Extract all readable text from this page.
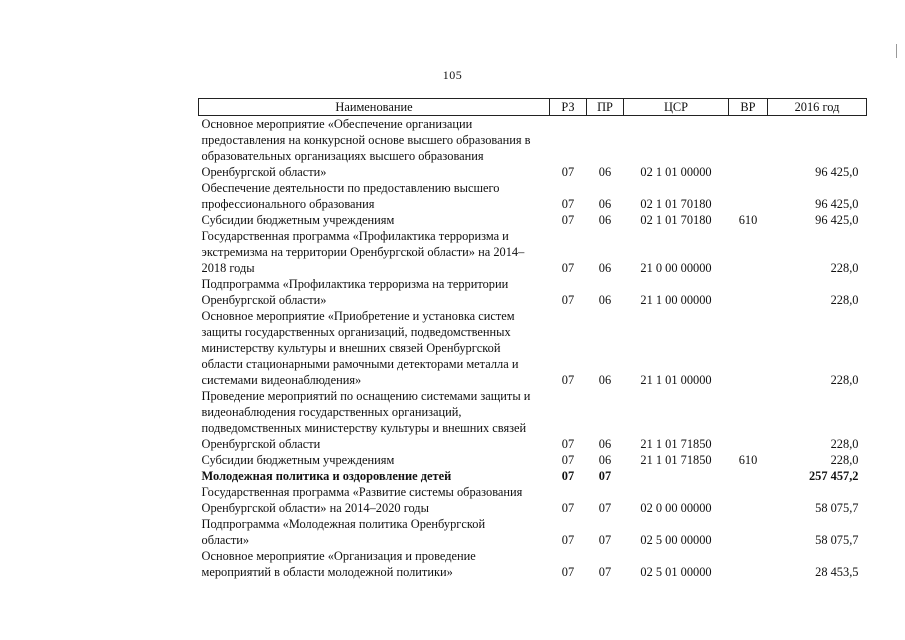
105
Наименование	РЗ	ПР	ЦСР	ВР	2016 год

Основное мероприятие «Обеспечение организации
предоставления на конкурсной основе высшего образования в
образовательных организациях высшего образования
Оренбургской области»	07	06	02 1 01 00000		96 425,0

Обеспечение деятельности по предоставлению высшего
профессионального образования	07	06	02 1 01 70180		96 425,0

Субсидии бюджетным учреждениям	07	06	02 1 01 70180	610	96 425,0

Государственная программа «Профилактика терроризма и
экстремизма на территории Оренбургской области» на 2014–
2018 годы	07	06	21 0 00 00000		228,0

Подпрограмма «Профилактика терроризма на территории
Оренбургской области»	07	06	21 1 00 00000		228,0

Основное мероприятие «Приобретение и установка систем
защиты государственных организаций, подведомственных
министерству культуры и внешних связей Оренбургской
области стационарными рамочными детекторами металла и
системами видеонаблюдения»	07	06	21 1 01 00000		228,0

Проведение мероприятий по оснащению системами защиты и
видеонаблюдения государственных организаций,
подведомственных министерству культуры и внешних связей
Оренбургской области	07	06	21 1 01 71850		228,0

Субсидии бюджетным учреждениям	07	06	21 1 01 71850	610	228,0

Молодежная политика и оздоровление детей	07	07			257 457,2

Государственная программа «Развитие системы образования
Оренбургской области» на 2014–2020 годы	07	07	02 0 00 00000		58 075,7

Подпрограмма «Молодежная политика Оренбургской
области»	07	07	02 5 00 00000		58 075,7

Основное мероприятие «Организация и проведение
мероприятий в области молодежной политики»	07	07	02 5 01 00000		28 453,5
